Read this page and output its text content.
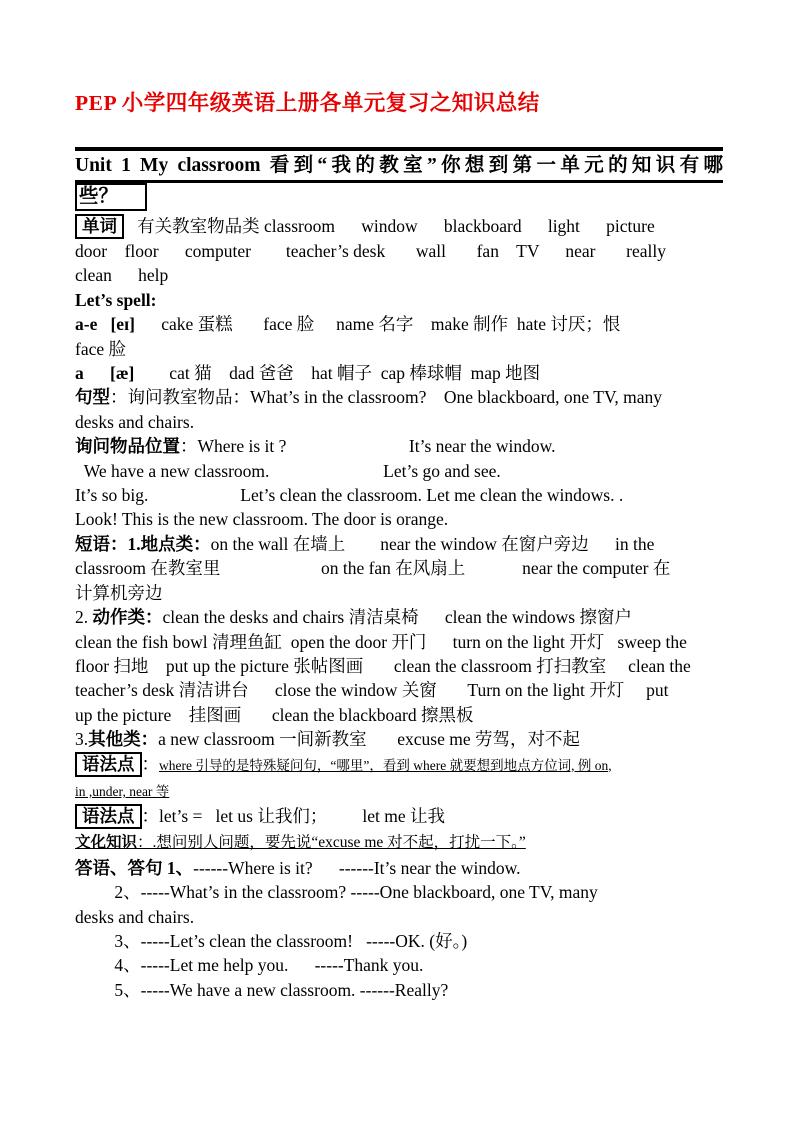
PEP 小学四年级英语上册各单元复习之知识总结
Unit 1 My classroom 看到“我的教室”你想到第一单元的知识有哪
些？
单词   有关教室物品类 classroom      window      blackboard      light      picture
door    floor      computer        teacher’s desk       wall       fan    TV      near       really
clean      help
Let’s spell:
a-e   [eɪ]      cake 蛋糕       face 脸     name 名字    make 制作  hate 讨厌；恨
face 脸
a      [æ]        cat 猫    dad 爸爸    hat 帽子  cap 棒球帽  map 地图
句型：询问教室物品：What’s in the classroom?    One blackboard, one TV, many
desks and chairs.
询问物品位置：Where is it ?                            It’s near the window.
We have a new classroom.                          Let’s go and see.
It’s so big.                     Let’s clean the classroom. Let me clean the windows. .
Look! This is the new classroom. The door is orange.
短语：1.地点类：on the wall 在墙上        near the window 在窗户旁边      in the
classroom 在教室里                       on the fan 在风扇上             near the computer 在
计算机旁边
2. 动作类：clean the desks and chairs 清洁桌椅      clean the windows 擦窗户
clean the fish bowl 清理鱼缸  open the door 开门      turn on the light 开灯   sweep the
floor 扫地    put up the picture 张帖图画       clean the classroom 打扫教室     clean the
teacher’s desk 清洁讲台      close the window 关窗       Turn on the light 开灯     put
up the picture    挂图画       clean the blackboard 擦黑板
3.其他类：a new classroom 一间新教室       excuse me 劳驾，对不起
语法点 ：where 引导的是特殊疑问句，“哪里”，看到 where 就要想到地点方位词, 例 on,
in ,under, near 等
语法点 ：let’s =   let us 让我们；        let me 让我
文化知识：.想问别人问题，要先说“excuse me 对不起，打扰一下。”
答语、答句 1、------Where is it?      ------It’s near the window.
2、-----What’s in the classroom? -----One blackboard, one TV, many
desks and chairs.
3、-----Let’s clean the classroom!   -----OK. (好。)
4、-----Let me help you.      -----Thank you.
5、-----We have a new classroom. ------Really?
